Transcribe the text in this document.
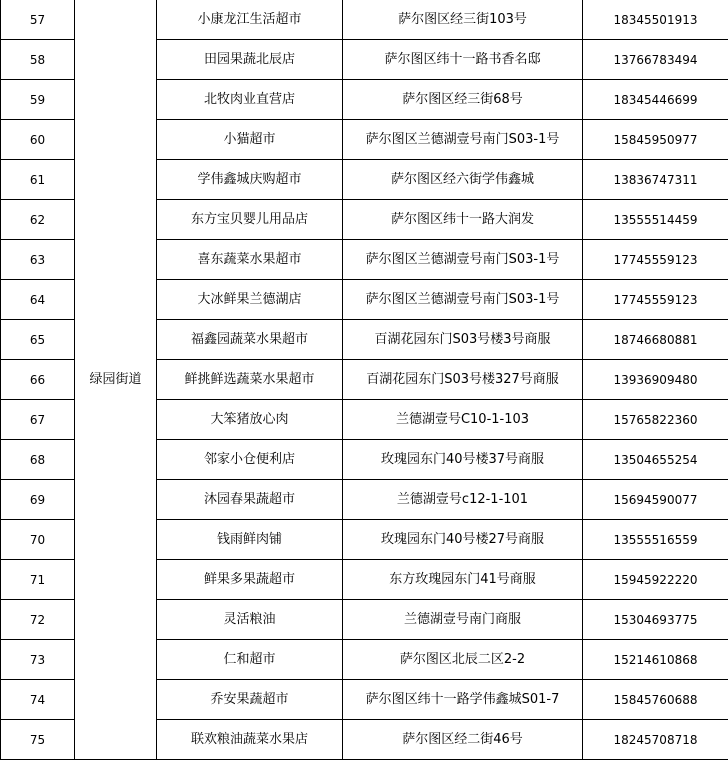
57	绿园街道	小康龙江生活超市	萨尔图区经三街103号	18345501913
58		田园果蔬北辰店	萨尔图区纬十一路书香名邸	13766783494
59		北牧肉业直营店	萨尔图区经三街68号	18345446699
60		小猫超市	萨尔图区兰德湖壹号南门S03-1号	15845950977
61		学伟鑫城庆购超市	萨尔图区经六街学伟鑫城	13836747311
62		东方宝贝婴儿用品店	萨尔图区纬十一路大润发	13555514459
63		喜东蔬菜水果超市	萨尔图区兰德湖壹号南门S03-1号	17745559123
64		大冰鲜果兰德湖店	萨尔图区兰德湖壹号南门S03-1号	17745559123
65		福鑫园蔬菜水果超市	百湖花园东门S03号楼3号商服	18746680881
66		鲜挑鲜选蔬菜水果超市	百湖花园东门S03号楼327号商服	13936909480
67		大笨猪放心肉	兰德湖壹号C10-1-103	15765822360
68		邻家小仓便利店	玫瑰园东门40号楼37号商服	13504655254
69		沐园春果蔬超市	兰德湖壹号c12-1-101	15694590077
70		钱雨鲜肉铺	玫瑰园东门40号楼27号商服	13555516559
71		鲜果多果蔬超市	东方玫瑰园东门41号商服	15945922220
72		灵活粮油	兰德湖壹号南门商服	15304693775
73		仁和超市	萨尔图区北辰二区2-2	15214610868
74		乔安果蔬超市	萨尔图区纬十一路学伟鑫城S01-7	15845760688
75		联欢粮油蔬菜水果店	萨尔图区经二街46号	18245708718
